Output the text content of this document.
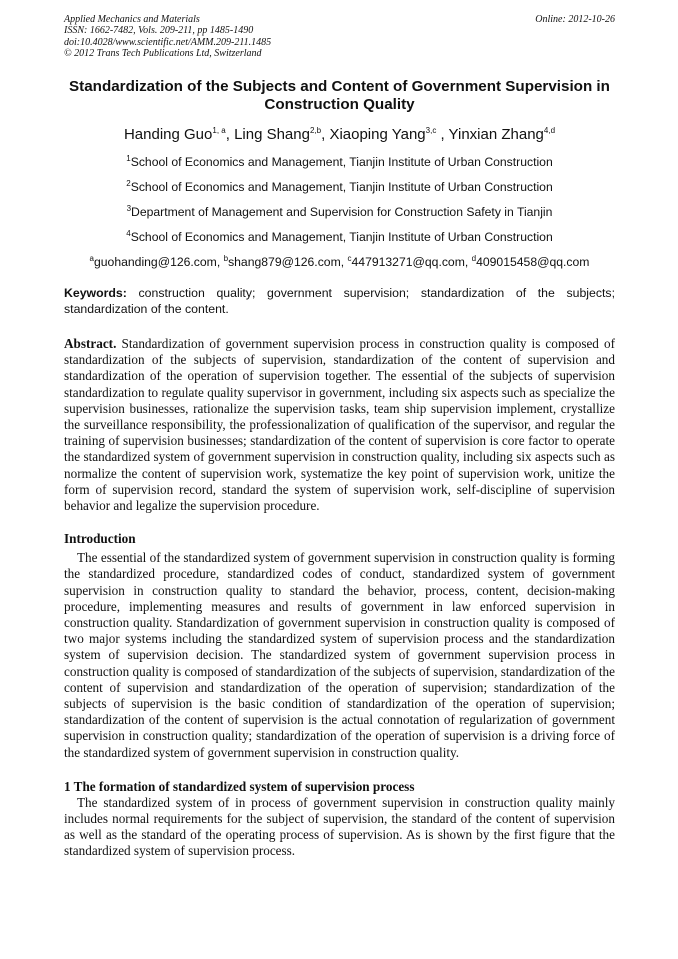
Applied Mechanics and Materials
ISSN: 1662-7482, Vols. 209-211, pp 1485-1490
doi:10.4028/www.scientific.net/AMM.209-211.1485
© 2012 Trans Tech Publications Ltd, Switzerland
Online: 2012-10-26
Standardization of the Subjects and Content of Government Supervision in Construction Quality
Handing Guo$^{1, a}$, Ling Shang$^{2,b}$, Xiaoping Yang$^{3,c}$ , Yinxian Zhang$^{4,d}$
$^1$School of Economics and Management, Tianjin Institute of Urban Construction
$^2$School of Economics and Management, Tianjin Institute of Urban Construction
$^3$Department of Management and Supervision for Construction Safety in Tianjin
$^4$School of Economics and Management, Tianjin Institute of Urban Construction
$^a$guohanding@126.com, $^b$shang879@126.com, $^c$447913271@qq.com, $^d$409015458@qq.com
Keywords: construction quality; government supervision; standardization of the subjects; standardization of the content.
Abstract. Standardization of government supervision process in construction quality is composed of standardization of the subjects of supervision, standardization of the content of supervision and standardization of the operation of supervision together. The essential of the subjects of supervision standardization to regulate quality supervisor in government, including six aspects such as specialize the supervision businesses, rationalize the supervision tasks, team ship supervision implement, crystallize the surveillance responsibility, the professionalization of qualification of the supervisor, and regular the training of supervision businesses; standardization of the content of supervision is core factor to operate the standardized system of government supervision in construction quality, including six aspects such as normalize the content of supervision work, systematize the key point of supervision work, unitize the form of supervision record, standard the system of supervision work, self-discipline of supervision behavior and legalize the supervision procedure.
Introduction
The essential of the standardized system of government supervision in construction quality is forming the standardized procedure, standardized codes of conduct, standardized system of government supervision in construction quality to standard the behavior, process, content, decision-making procedure, implementing measures and results of government in law enforced supervision in construction quality. Standardization of government supervision in construction quality is composed of two major systems including the standardized system of supervision process and the standardization system of supervision decision. The standardized system of government supervision process in construction quality is composed of standardization of the subjects of supervision, standardization of the content of supervision and standardization of the operation of supervision; standardization of the subjects of supervision is the basic condition of standardization of the operation of supervision; standardization of the content of supervision is the actual connotation of regularization of government supervision in construction quality; standardization of the operation of supervision is a driving force of the standardized system of government supervision in construction quality.
1 The formation of standardized system of supervision process
The standardized system of in process of government supervision in construction quality mainly includes normal requirements for the subject of supervision, the standard of the content of supervision as well as the standard of the operating process of supervision. As is shown by the first figure that the standardized system of supervision process.
